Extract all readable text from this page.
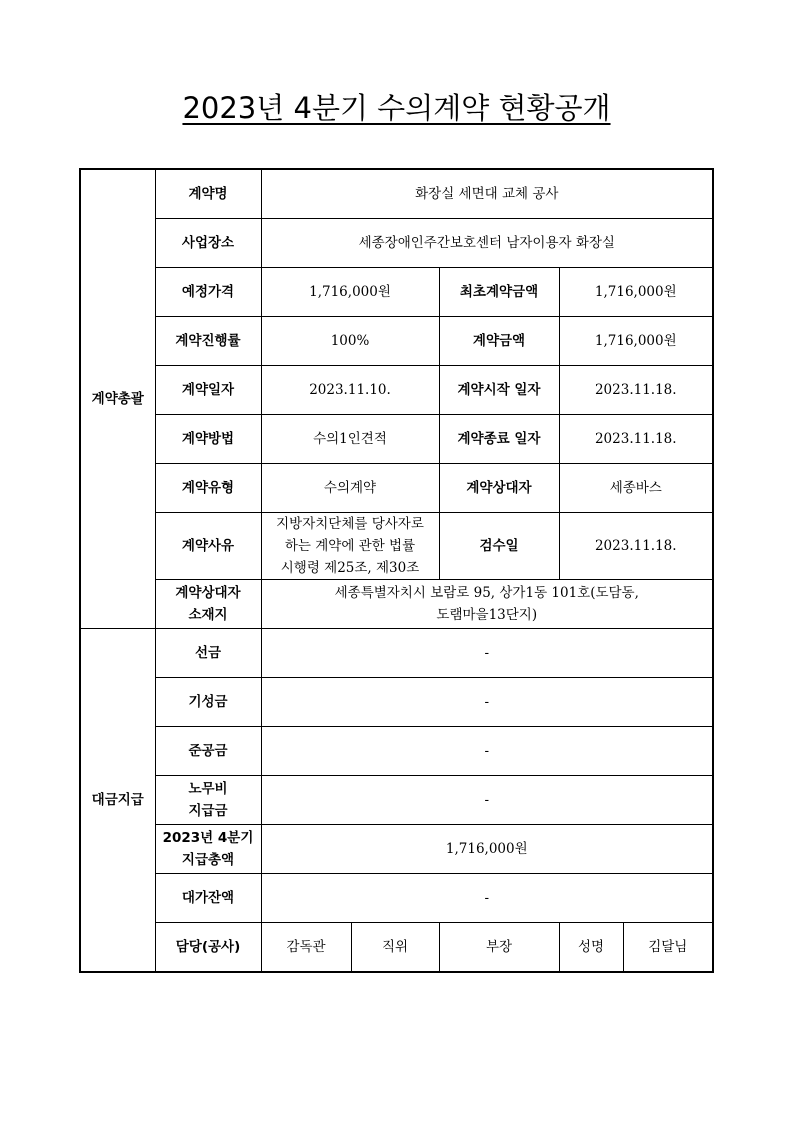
2023년 4분기 수의계약 현황공개
계약총괄	계약명	화장실 세면대 교체 공사				
	사업장소	세종장애인주간보호센터 남자이용자 화장실				
	예정가격	1,716,000원		최초계약금액	1,716,000원	
	계약진행률	100%		계약금액	1,716,000원	
	계약일자	2023.11.10.		계약시작 일자	2023.11.18.	
	계약방법	수의1인견적		계약종료 일자	2023.11.18.	
	계약유형	수의계약		계약상대자	세종바스	
	계약사유	지방자치단체를 당사자로
하는 계약에 관한 법률
시행령 제25조, 제30조		검수일	2023.11.18.	

	계약상대자
소재지	세종특별자치시 보람로 95, 상가1동 101호(도담동,
도램마을13단지)				

대금지급	선금	-				
	기성금	-				
	준공금	-				

	노무비
지급금	-				

	2023년 4분기
지급총액	1,716,000원				
	대가잔액	-				
	담당(공사)	감독관	직위	부장	성명	김달님
